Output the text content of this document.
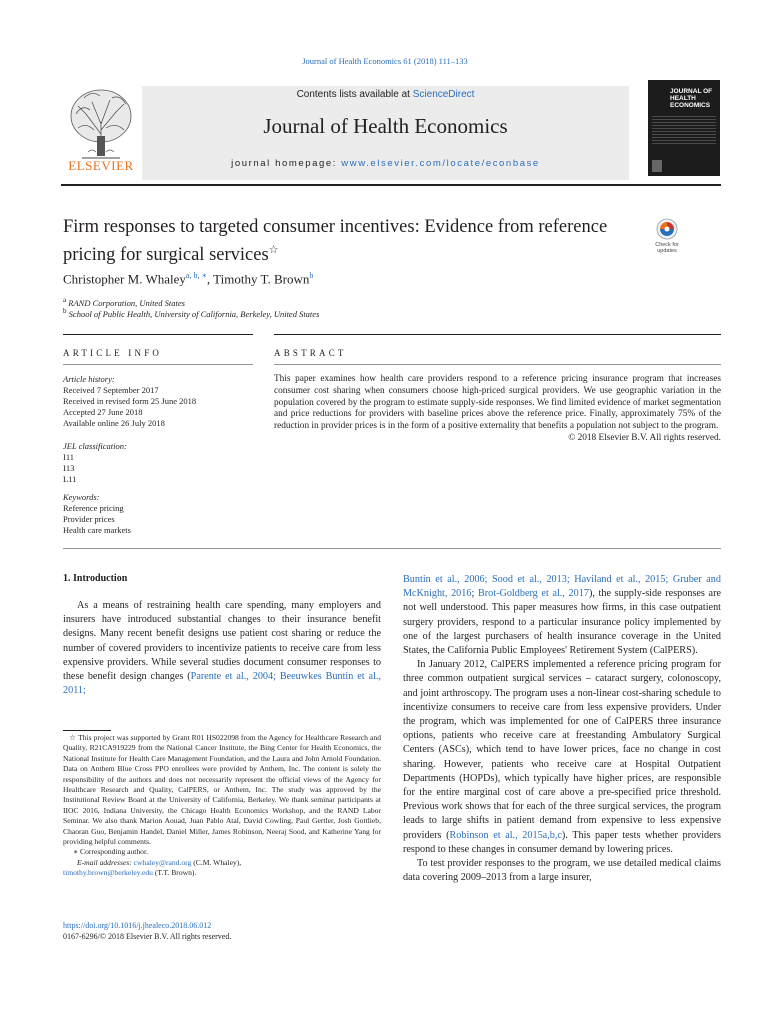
Journal of Health Economics 61 (2018) 111–133
Contents lists available at ScienceDirect
Journal of Health Economics
journal homepage: www.elsevier.com/locate/econbase
ELSEVIER
JOURNAL OF HEALTH ECONOMICS
Firm responses to targeted consumer incentives: Evidence from reference pricing for surgical services☆	Check for updates
Christopher M. Whaley$^{a, b, ∗}$, Timothy T. Brown$^b$
$^a$ RAND Corporation, United States
$^b$ School of Public Health, University of California, Berkeley, United States
ARTICLE INFO	ABSTRACT
Article history:
Received 7 September 2017
Received in revised form 25 June 2018
Accepted 27 June 2018
Available online 26 July 2018
JEL classification:
I11
I13
L11
Keywords:
Reference pricing
Provider prices
Health care markets
This paper examines how health care providers respond to a reference pricing insurance program that increases consumer cost sharing when consumers choose high-priced surgical providers. We use geographic variation in the population covered by the program to estimate supply-side responses. We find limited evidence of market segmentation and price reductions for providers with baseline prices above the reference price. Finally, approximately 75% of the reduction in provider prices is in the form of a positive externality that benefits a population not subject to the program.
© 2018 Elsevier B.V. All rights reserved.
1. Introduction

As a means of restraining health care spending, many employers and insurers have introduced substantial changes to their insurance benefit designs. Many recent benefit designs use patient cost sharing or reduce the number of covered providers to incentivize patients to receive care from less expensive providers. While several studies document consumer responses to these benefit design changes (Parente et al., 2004; Beeuwkes Buntin et al., 2011;

☆ This project was supported by Grant R01 HS022098 from the Agency for Healthcare Research and Quality, R21CA919229 from the National Cancer Institute, the Bing Center for Health Economics, the National Institute for Health Care Management Foundation, and the Laura and John Arnold Foundation. Data on Anthem Blue Cross PPO enrollees were provided by Anthem, Inc. The content is solely the responsibility of the authors and does not necessarily represent the official views of the Agency for Healthcare Research and Quality, CalPERS, or Anthem, Inc. The study was approved by the Institutional Review Board at the University of California, Berkeley. We thank seminar participants at IIOC 2016, Indiana University, the Chicago Health Economics Workshop, and the RAND Labor Seminar. We also thank Marion Aouad, Juan Pablo Atal, David Cowling, Paul Gertler, Josh Gottlieb, Chaoran Guo, Benjamin Handel, Daniel Miller, James Robinson, Neeraj Sood, and Katherine Yang for providing helpful comments.

∗ Corresponding author.

E-mail addresses: cwhaley@rand.org (C.M. Whaley),

timothy.brown@berkeley.edu (T.T. Brown).

https://doi.org/10.1016/j.jhealeco.2018.06.012
0167-6296/© 2018 Elsevier B.V. All rights reserved.

Buntin et al., 2006; Sood et al., 2013; Haviland et al., 2015; Gruber and McKnight, 2016; Brot-Goldberg et al., 2017), the supply-side responses are not well understood. This paper measures how firms, in this case outpatient surgery providers, respond to a particular insurance policy implemented by one of the largest purchasers of health insurance coverage in the United States, the California Public Employees' Retirement System (CalPERS).

In January 2012, CalPERS implemented a reference pricing program for three common outpatient surgical services – cataract surgery, colonoscopy, and joint arthroscopy. The program uses a non-linear cost-sharing schedule to incentivize consumers to receive care from less expensive providers. Under the program, which was implemented for one of CalPERS three insurance options, patients who receive care at freestanding Ambulatory Surgical Centers (ASCs), which tend to have lower prices, face no change in cost sharing. However, patients who receive care at Hospital Outpatient Departments (HOPDs), which typically have higher prices, are responsible for the entire marginal cost of care above a pre-specified price threshold. Previous work shows that for each of the three surgical services, the program leads to large shifts in patient demand from expensive to less expensive providers (Robinson et al., 2015a,b,c). This paper tests whether providers respond to these changes in consumer demand by lowering prices.

To test provider responses to the program, we use detailed medical claims data covering 2009–2013 from a large insurer,
